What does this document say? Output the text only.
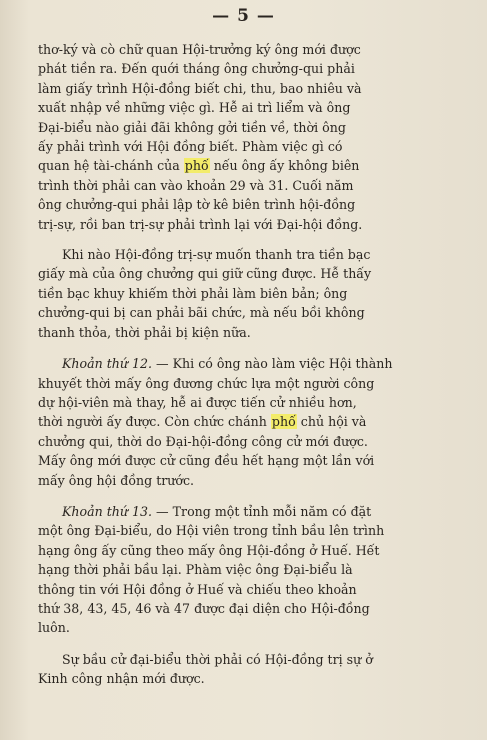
— 5 —
thơ-ký và cò chữ quan Hội-trưởng ký ông mới được
phát tiền ra. Đến quới tháng ông chưởng-qui phải
làm giấy trình Hội-đồng biết chi, thu, bao nhiêu và
xuất nhập về những việc gì. Hễ ai trì liểm và ông
Đại-biểu nào giải đãi không gởi tiền về, thời ông
ấy phải trình với Hội đồng biết. Phàm việc gì có
quan hệ tài-chánh của phố nếu ông ấy không biên
trình thời phải can vào khoản 29 và 31. Cuối năm
ông chưởng-qui phải lập tờ kê biên trình hội-đồng
trị-sự, rồi ban trị-sự phải trình lại với Đại-hội đồng.
Khi nào Hội-đồng trị-sự muốn thanh tra tiền bạc
giấy mà của ông chưởng qui giữ cũng được. Hễ thấy
tiền bạc khuy khiếm thời phải làm biên bản; ông
chưởng-qui bị can phải bãi chức, mà nếu bồi không
thanh thỏa, thời phải bị kiện nữa.
Khoản thứ 12. — Khi có ông nào làm việc Hội thành
khuyết thời mấy ông đương chức lựa một người công
dự hội-viên mà thay, hễ ai được tiến cử nhiều hơn,
thời người ấy được. Còn chức chánh phố chủ hội và
chưởng qui, thời do Đại-hội-đồng công cử mới được.
Mấy ông mới được cử cũng đều hết hạng một lần với
mấy ông hội đồng trước.
Khoản thứ 13. — Trong một tỉnh mỗi năm có đặt
một ông Đại-biểu, do Hội viên trong tỉnh bầu lên trình
hạng ông ấy cũng theo mấy ông Hội-đồng ở Huế. Hết
hạng thời phải bầu lại. Phàm việc ông Đại-biểu là
thông tin với Hội đồng ở Huế và chiếu theo khoản
thứ 38, 43, 45, 46 và 47 được đại diện cho Hội-đồng
luôn.
Sự bầu cử đại-biểu thời phải có Hội-đồng trị sự ở
Kinh công nhận mới được.
